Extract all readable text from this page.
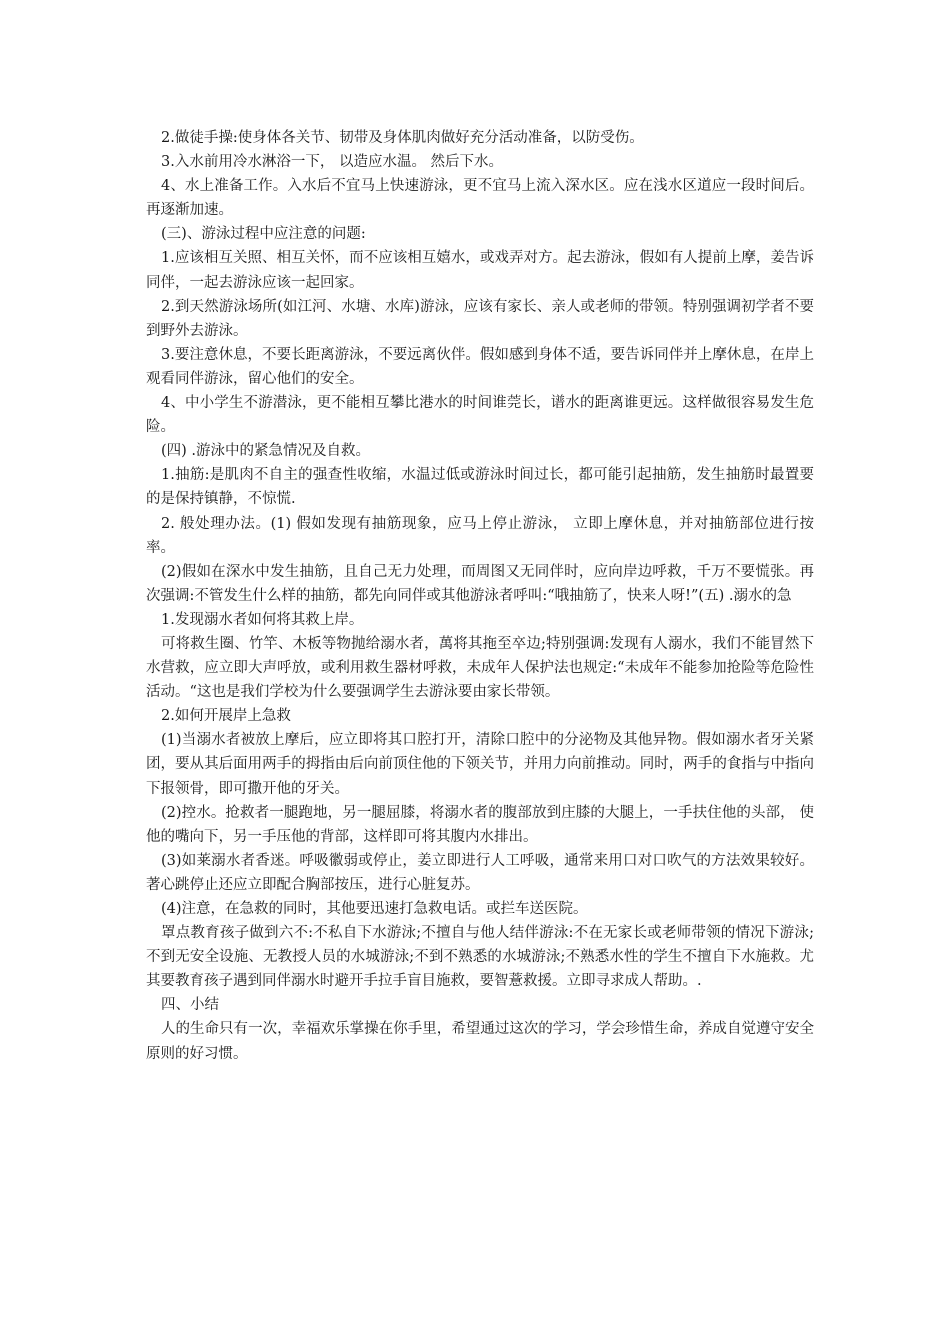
2.做徒手操:使身体各关节、韧带及身体肌肉做好充分活动准备，以防受伤。

3.入水前用冷水淋浴一下， 以造应水温。 然后下水。

4、水上准备工作。入水后不宜马上快速游泳，更不宜马上流入深水区。应在浅水区道应一段时间后。再逐渐加速。

(三)、游泳过程中应注意的问题:

1.应该相互关照、相互关怀，而不应该相互嬉水，或戏弄对方。起去游泳，假如有人提前上摩，姜告诉同伴，一起去游泳应该一起回家。

2.到天然游泳场所(如江河、水塘、水库)游泳，应该有家长、亲人或老师的带领。特别强调初学者不要到野外去游泳。

3.要注意休息，不要长距离游泳，不要远离伙伴。假如感到身体不适，要告诉同伴并上摩休息，在岸上观看同伴游泳，留心他们的安全。

4、中小学生不游潜泳，更不能相互攀比港水的时间谁莞长，谱水的距离谁更远。这样做很容易发生危险。

(四) .游泳中的紧急情况及自救。

1.抽筋:是肌肉不自主的强查性收缩，水温过低或游泳时间过长，都可能引起抽筋，发生抽筋时最置要的是保持镇静，不惊慌.

2. 般处理办法。(1) 假如发现有抽筋现象，应马上停止游泳， 立即上摩休息，并对抽筋部位进行按率。

(2)假如在深水中发生抽筋，且自己无力处理，而周图又无同伴时，应向岸边呼救，千万不要慌张。再次强调:不管发生什么样的抽筋，都先向同伴或其他游泳者呼叫:“哦抽筋了，快来人呀!”(五) .溺水的急

1.发现溺水者如何将其救上岸。

可将救生圈、竹竿、木板等物抛给溺水者，萬将其拖至卒边;特别强调:发现有人溺水，我们不能冒然下水营救，应立即大声呼放，或利用救生器材呼救，未成年人保护法也规定:“未成年不能参加抢险等危险性活动。“这也是我们学校为什么要强调学生去游泳要由家长带领。

2.如何开展岸上急救

(1)当溺水者被放上摩后，应立即将其口腔打开，清除口腔中的分泌物及其他异物。假如溺水者牙关紧团，要从其后面用两手的拇指由后向前顶住他的下领关节，并用力向前推动。同时，两手的食指与中指向下报领骨，即可撒开他的牙关。

(2)控水。抢救者一腿跑地，另一腿屈膝，将溺水者的腹部放到庄膝的大腿上，一手扶住他的头部， 使他的嘴向下，另一手压他的背部，这样即可将其腹内水排出。

(3)如莱溺水者香迷。呼吸徽弱或停止，姜立即进行人工呼吸，通常来用口对口吹气的方法效果较好。著心跳停止还应立即配合胸部按压，进行心脏复苏。

(4)注意，在急救的同时，其他要迅速打急救电话。或拦车送医院。

罩点教育孩子做到六不:不私自下水游泳;不擅自与他人结伴游泳:不在无家长或老师带领的情况下游泳;不到无安全设施、无教授人员的水城游泳;不到不熟悉的水城游泳;不熟悉水性的学生不擅自下水施救。尤其要教育孩子遇到同伴溺水时避开手拉手盲目施救，要智薏救援。立即寻求成人帮助。.

四、小结

人的生命只有一次，幸福欢乐掌操在你手里，希望通过这次的学习，学会珍惜生命，养成自觉遵守安全原则的好习惯。
